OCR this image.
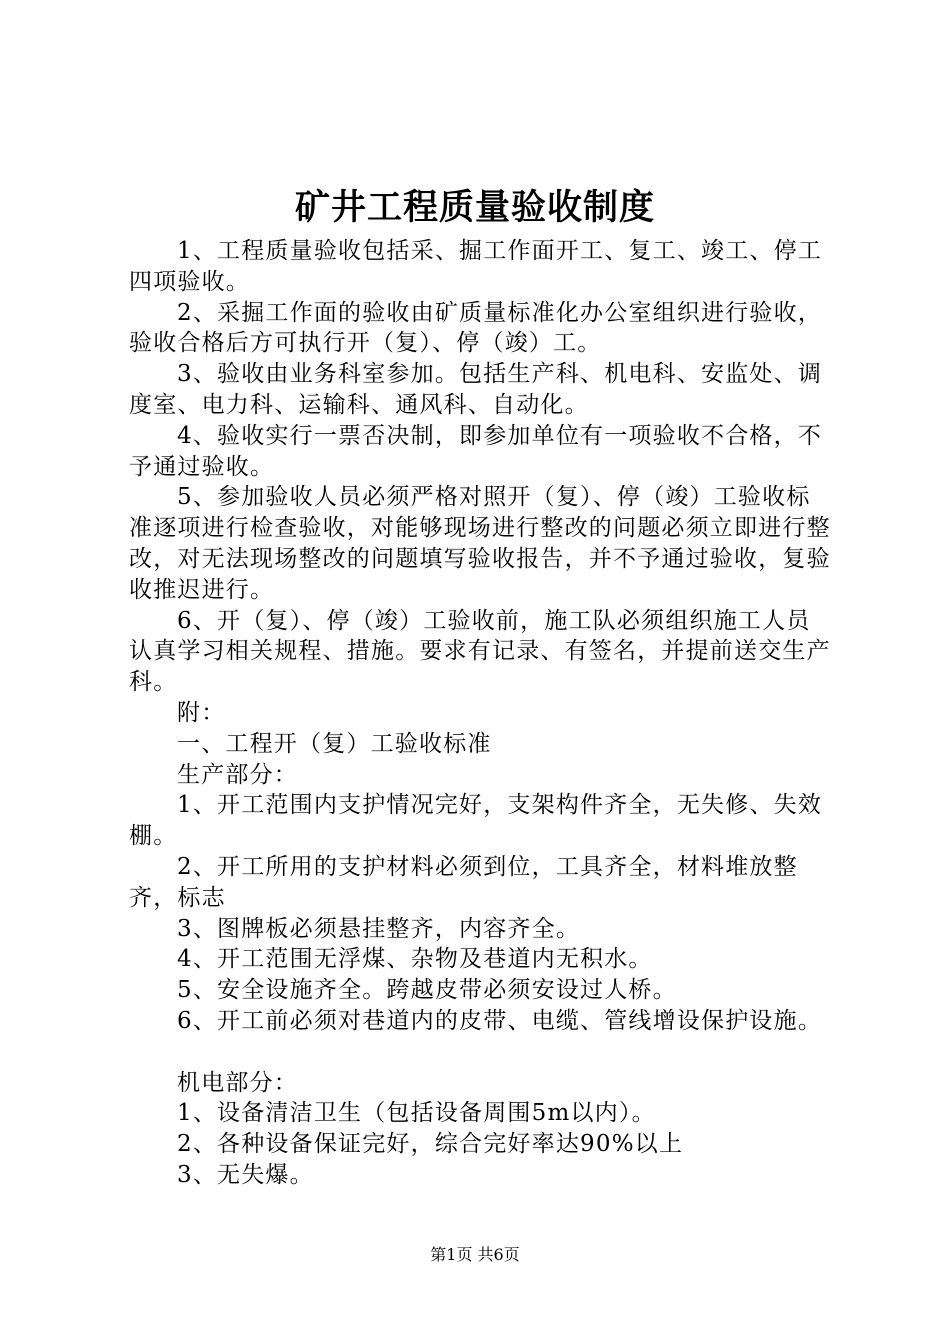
矿井工程质量验收制度

1、工程质量验收包括采、掘工作面开工、复工、竣工、停工四项验收。

2、采掘工作面的验收由矿质量标准化办公室组织进行验收，验收合格后方可执行开（复）、停（竣）工。

3、验收由业务科室参加。包括生产科、机电科、安监处、调度室、电力科、运输科、通风科、自动化。

4、验收实行一票否决制，即参加单位有一项验收不合格，不予通过验收。

5、参加验收人员必须严格对照开（复）、停（竣）工验收标准逐项进行检查验收，对能够现场进行整改的问题必须立即进行整改，对无法现场整改的问题填写验收报告，并不予通过验收，复验收推迟进行。

6、开（复）、停（竣）工验收前，施工队必须组织施工人员认真学习相关规程、措施。要求有记录、有签名，并提前送交生产科。

附：

一、工程开（复）工验收标准

生产部分：

1、开工范围内支护情况完好，支架构件齐全，无失修、失效棚。

2、开工所用的支护材料必须到位，工具齐全，材料堆放整齐，标志

3、图牌板必须悬挂整齐，内容齐全。

4、开工范围无浮煤、杂物及巷道内无积水。

5、安全设施齐全。跨越皮带必须安设过人桥。

6、开工前必须对巷道内的皮带、电缆、管线增设保护设施。

机电部分：

1、设备清洁卫生（包括设备周围5m以内）。

2、各种设备保证完好，综合完好率达90%以上

3、无失爆。

第1页 共6页
